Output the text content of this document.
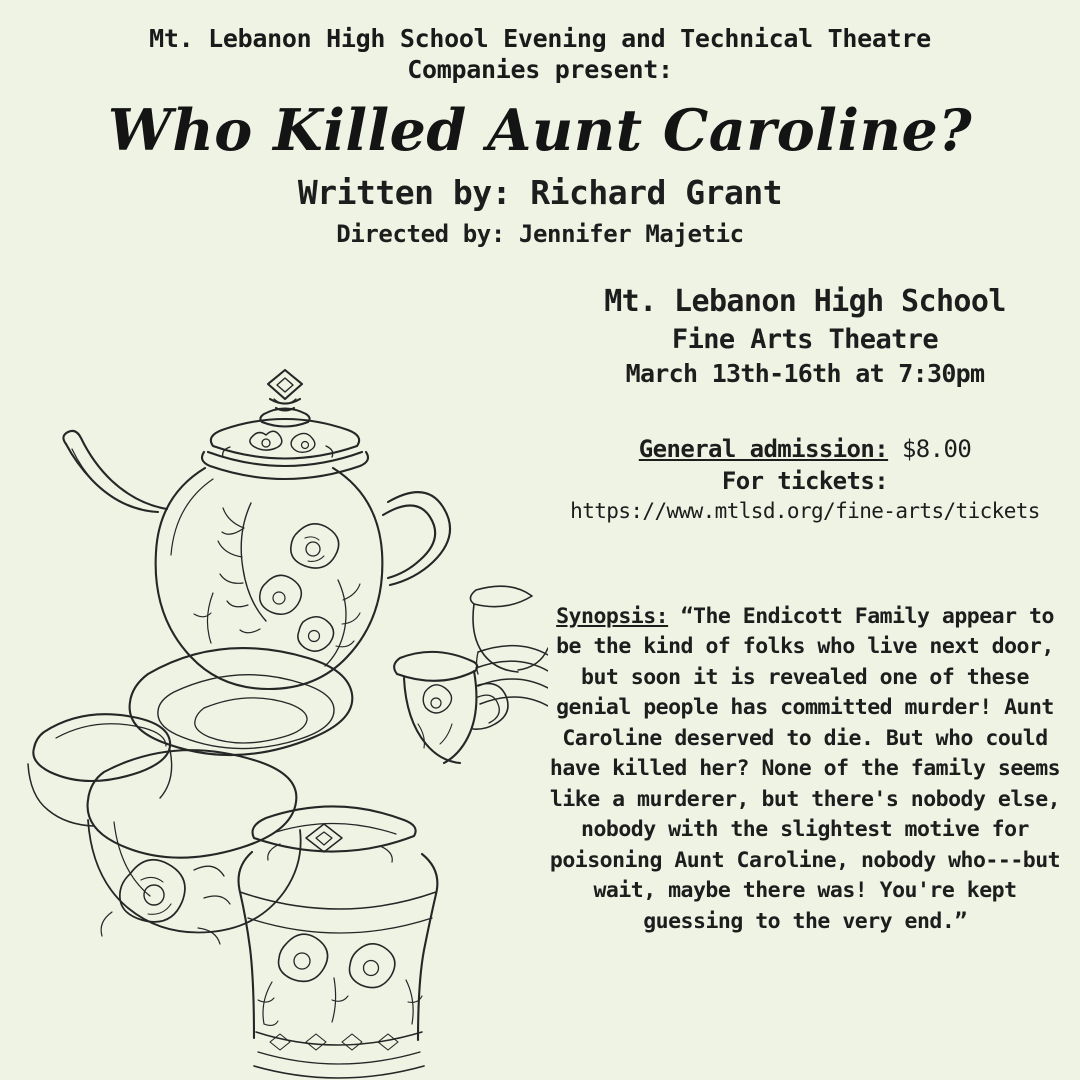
Mt. Lebanon High School Evening and Technical Theatre
Companies present:
Who Killed Aunt Caroline?
Written by: Richard Grant
Directed by: Jennifer Majetic
Mt. Lebanon High School
Fine Arts Theatre
March 13th-16th at 7:30pm
General admission: $8.00
For tickets:
https://www.mtlsd.org/fine-arts/tickets
Synopsis: “The Endicott Family appear to be the kind of folks who live next door, but soon it is revealed one of these genial people has committed murder! Aunt Caroline deserved to die. But who could have killed her? None of the family seems like a murderer, but there's nobody else, nobody with the slightest motive for poisoning Aunt Caroline, nobody who---but wait, maybe there was! You're kept guessing to the very end.”
